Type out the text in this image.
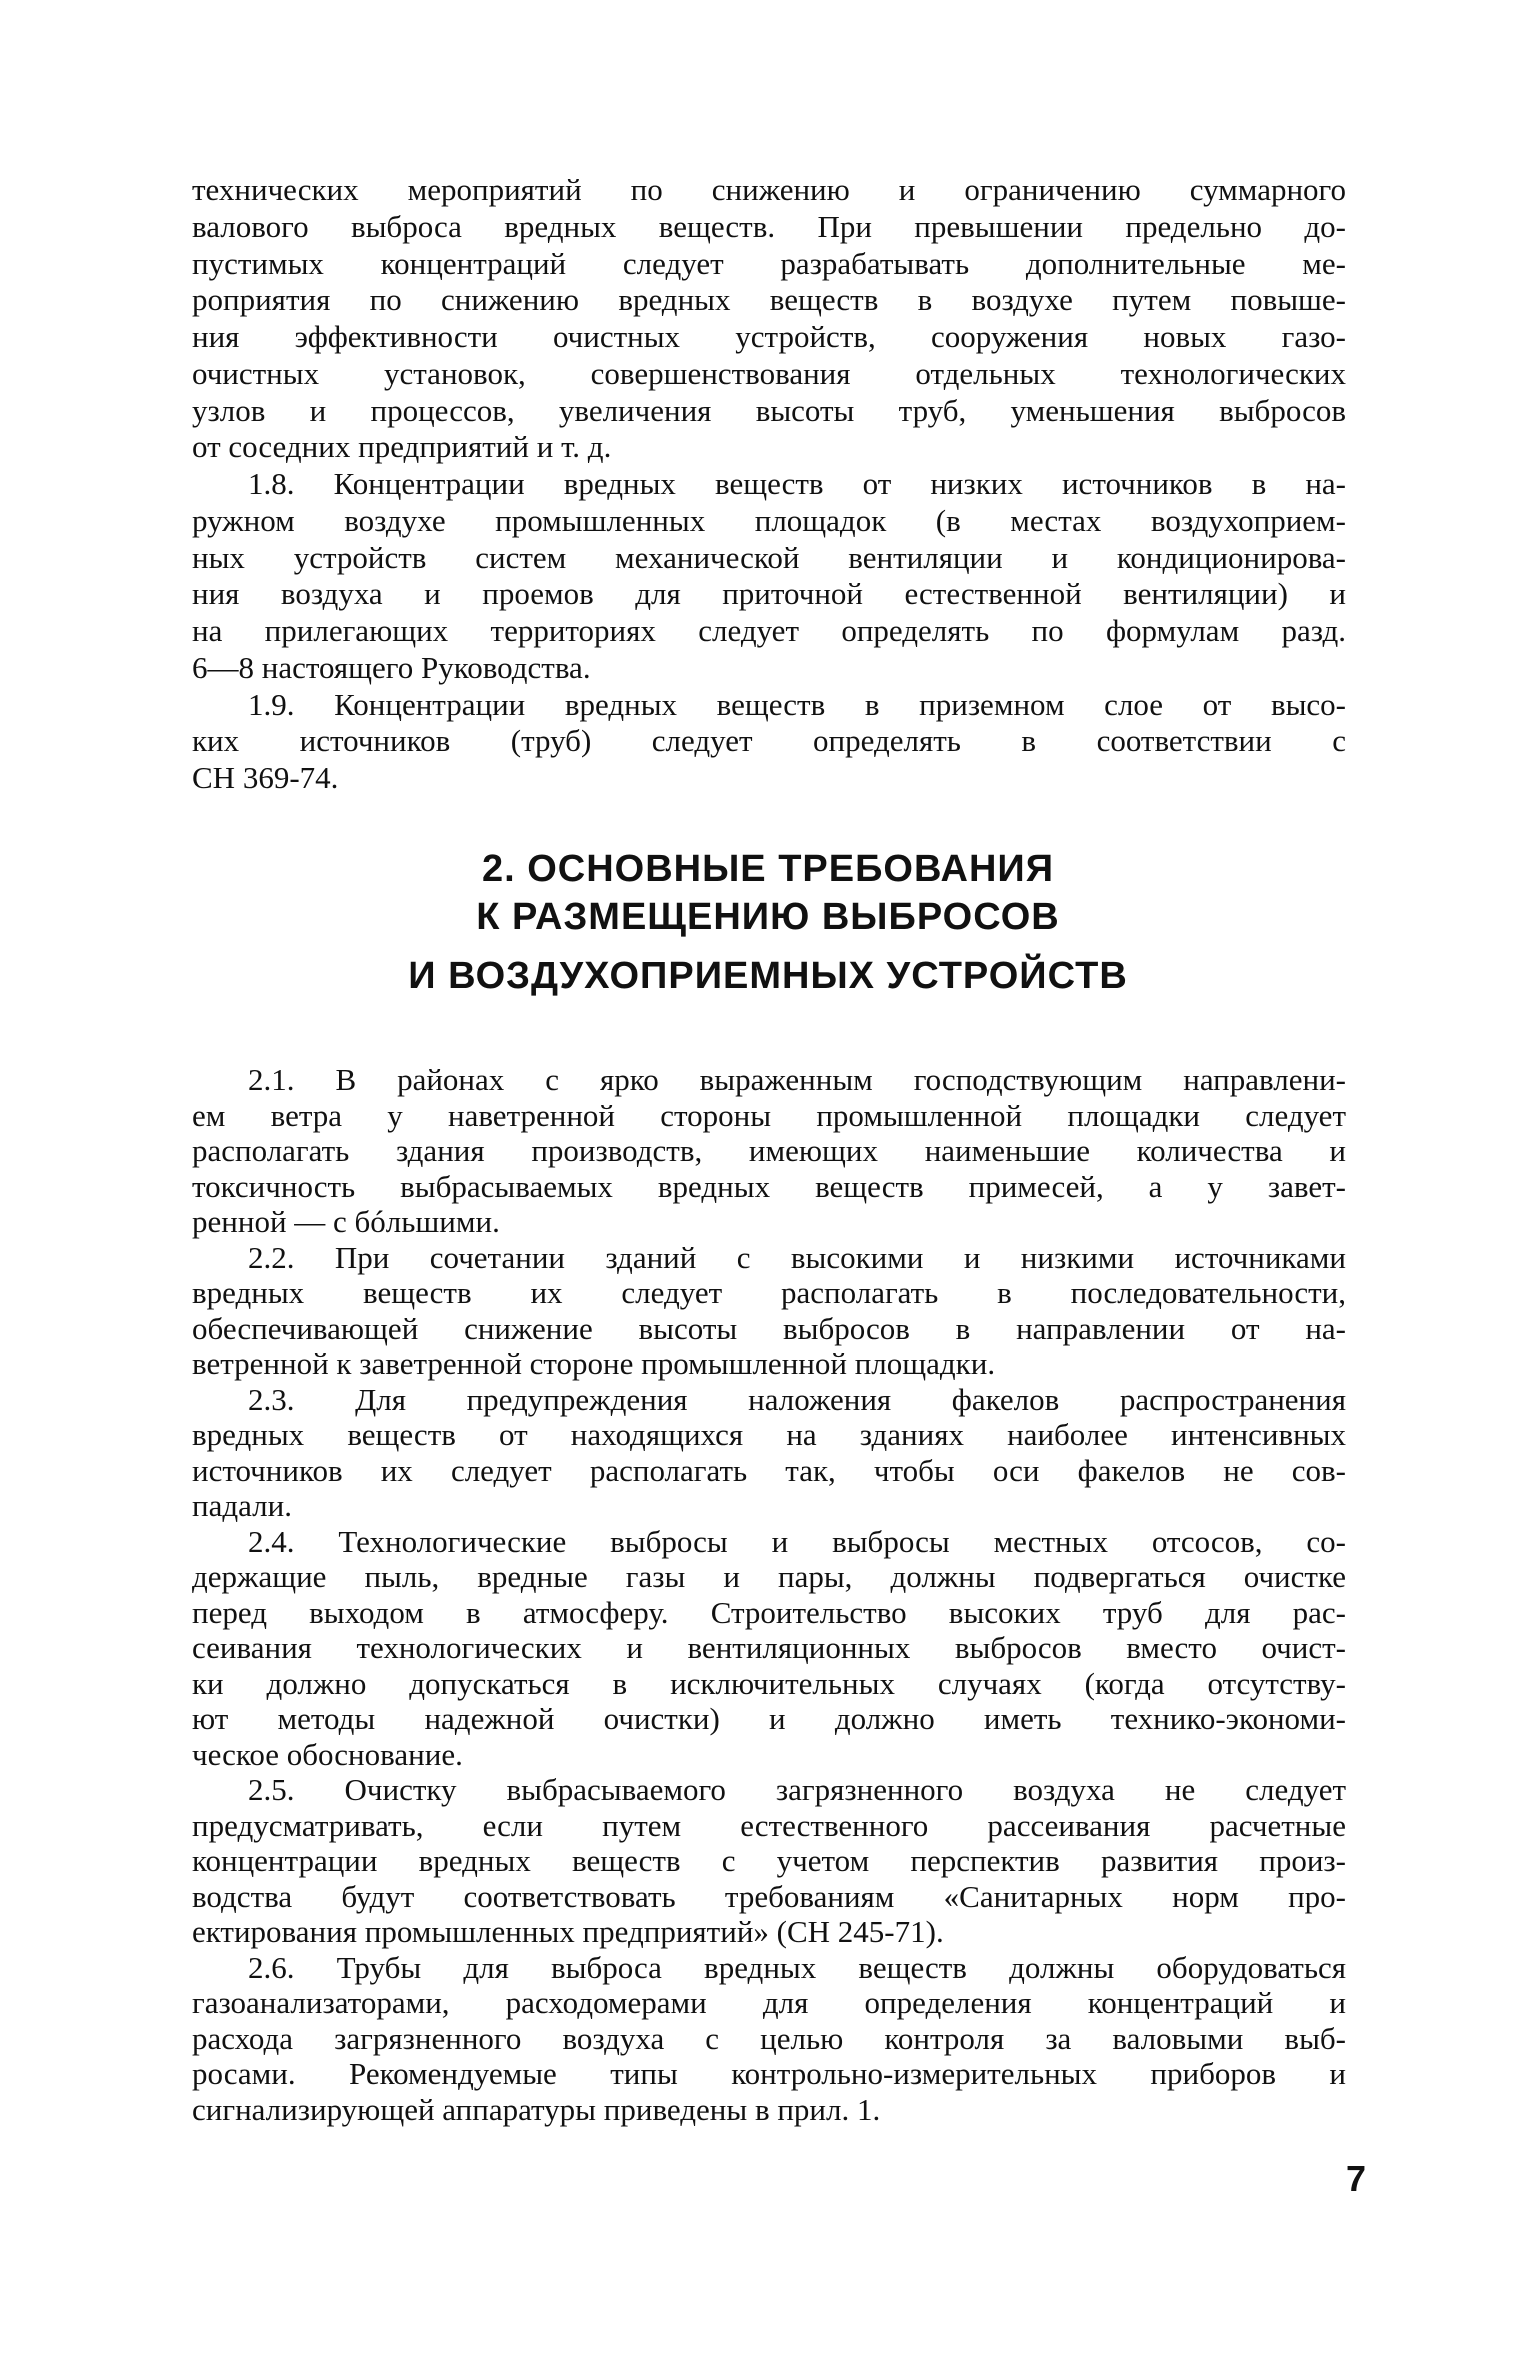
технических мероприятий по снижению и ограничению суммарного
валового выброса вредных веществ. При превышении предельно до-
пустимых концентраций следует разрабатывать дополнительные ме-
роприятия по снижению вредных веществ в воздухе путем повыше-
ния эффективности очистных устройств, сооружения новых газо-
очистных установок, совершенствования отдельных технологических
узлов и процессов, увеличения высоты труб, уменьшения выбросов
от соседних предприятий и т. д.
1.8. Концентрации вредных веществ от низких источников в на-
ружном воздухе промышленных площадок (в местах воздухоприем-
ных устройств систем механической вентиляции и кондиционирова-
ния воздуха и проемов для приточной естественной вентиляции) и
на прилегающих территориях следует определять по формулам разд.
6—8 настоящего Руководства.
1.9. Концентрации вредных веществ в приземном слое от высо-
ких источников (труб) следует определять в соответствии с
СН 369-74.
2. ОСНОВНЫЕ ТРЕБОВАНИЯ
К РАЗМЕЩЕНИЮ ВЫБРОСОВ
И ВОЗДУХОПРИЕМНЫХ УСТРОЙСТВ
2.1. В районах с ярко выраженным господствующим направлени-
ем ветра у наветренной стороны промышленной площадки следует
располагать здания производств, имеющих наименьшие количества и
токсичность выбрасываемых вредных веществ примесей, а у завет-
ренной — с бóльшими.
2.2. При сочетании зданий с высокими и низкими источниками
вредных веществ их следует располагать в последовательности,
обеспечивающей снижение высоты выбросов в направлении от на-
ветренной к заветренной стороне промышленной площадки.
2.3. Для предупреждения наложения факелов распространения
вредных веществ от находящихся на зданиях наиболее интенсивных
источников их следует располагать так, чтобы оси факелов не сов-
падали.
2.4. Технологические выбросы и выбросы местных отсосов, со-
держащие пыль, вредные газы и пары, должны подвергаться очистке
перед выходом в атмосферу. Строительство высоких труб для рас-
сеивания технологических и вентиляционных выбросов вместо очист-
ки должно допускаться в исключительных случаях (когда отсутству-
ют методы надежной очистки) и должно иметь технико-экономи-
ческое обоснование.
2.5. Очистку выбрасываемого загрязненного воздуха не следует
предусматривать, если путем естественного рассеивания расчетные
концентрации вредных веществ с учетом перспектив развития произ-
водства будут соответствовать требованиям «Санитарных норм про-
ектирования промышленных предприятий» (СН 245-71).
2.6. Трубы для выброса вредных веществ должны оборудоваться
газоанализаторами, расходомерами для определения концентраций и
расхода загрязненного воздуха с целью контроля за валовыми выб-
росами. Рекомендуемые типы контрольно-измерительных приборов и
сигнализирующей аппаратуры приведены в прил. 1.
7
